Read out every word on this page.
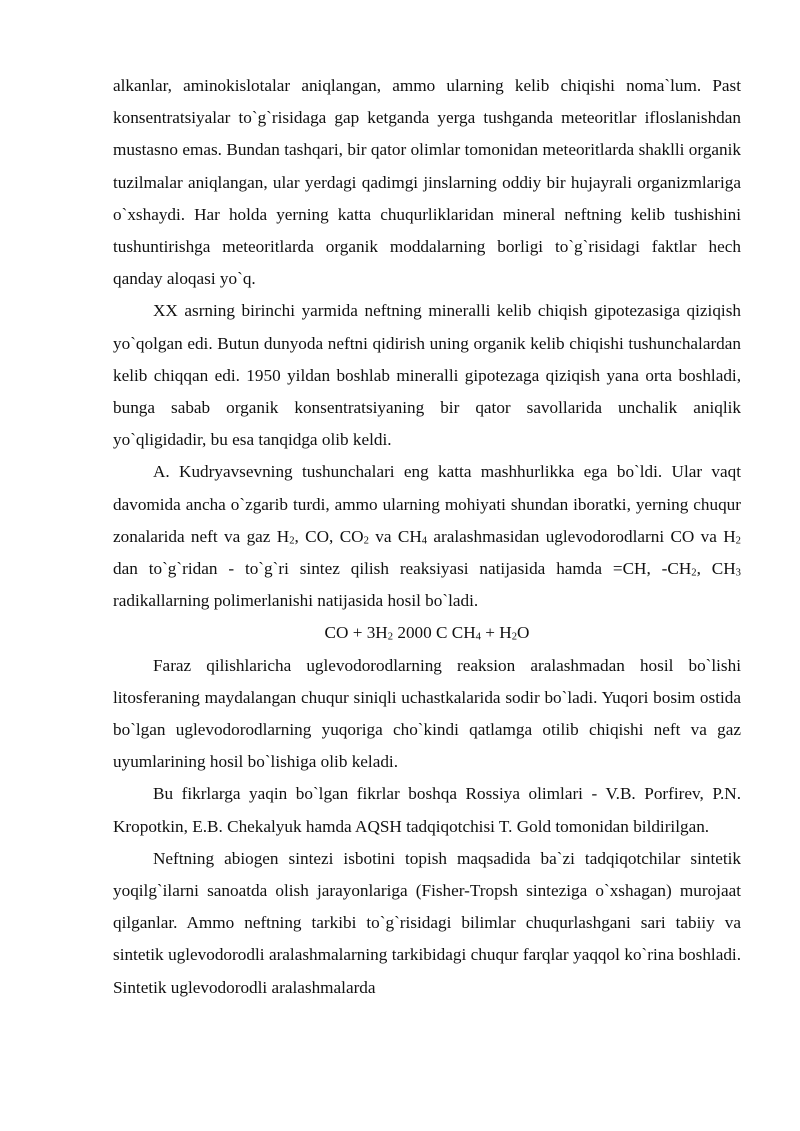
alkanlar, aminokislotalar aniqlangan, ammo ularning kelib chiqishi noma`lum. Past konsentratsiyalar to`g`risidaga gap ketganda yerga tushganda meteoritlar ifloslanishdan mustasno emas. Bundan tashqari, bir qator olimlar tomonidan meteoritlarda shaklli organik tuzilmalar aniqlangan, ular yerdagi qadimgi jinslarning oddiy bir hujayrali organizmlariga o`xshaydi. Har holda yerning katta chuqurliklaridan mineral neftning kelib tushishini tushuntirishga meteoritlarda organik moddalarning borligi to`g`risidagi faktlar hech qanday aloqasi yo`q.

XX asrning birinchi yarmida neftning mineralli kelib chiqish gipotezasiga qiziqish yo`qolgan edi. Butun dunyoda neftni qidirish uning organik kelib chiqishi tushunchalardan kelib chiqqan edi. 1950 yildan boshlab mineralli gipotezaga qiziqish yana orta boshladi, bunga sabab organik konsentratsiyaning bir qator savollarida unchalik aniqlik yo`qligidadir, bu esa tanqidga olib keldi.

A. Kudryavsevning tushunchalari eng katta mashhurlikka ega bo`ldi. Ular vaqt davomida ancha o`zgarib turdi, ammo ularning mohiyati shundan iboratki, yerning chuqur zonalarida neft va gaz $H_2$, CO, $CO_2$ va $CH_4$ aralashmasidan uglevodorodlarni CO va $H_2$ dan to`g`ridan - to`g`ri sintez qilish reaksiyasi natijasida hamda =CH, $-CH_2$, $CH_3$ radikallarning polimerlanishi natijasida hosil bo`ladi.

CO + $3H_2$ 2000 C $CH_4 + H_2O$

Faraz qilishlaricha uglevodorodlarning reaksion aralashmadan hosil bo`lishi litosferaning maydalangan chuqur siniqli uchastkalarida sodir bo`ladi. Yuqori bosim ostida bo`lgan uglevodorodlarning yuqoriga cho`kindi qatlamga otilib chiqishi neft va gaz uyumlarining hosil bo`lishiga olib keladi.

Bu fikrlarga yaqin bo`lgan fikrlar boshqa Rossiya olimlari - V.B. Porfirev, P.N. Kropotkin, E.B. Chekalyuk hamda AQSH tadqiqotchisi T. Gold tomonidan bildirilgan.

Neftning abiogen sintezi isbotini topish maqsadida ba`zi tadqiqotchilar sintetik yoqilg`ilarni sanoatda olish jarayonlariga (Fisher-Tropsh sinteziga o`xshagan) murojaat qilganlar. Ammo neftning tarkibi to`g`risidagi bilimlar chuqurlashgani sari tabiiy va sintetik uglevodorodli aralashmalarning tarkibidagi chuqur farqlar yaqqol ko`rina boshladi. Sintetik uglevodorodli aralashmalarda
